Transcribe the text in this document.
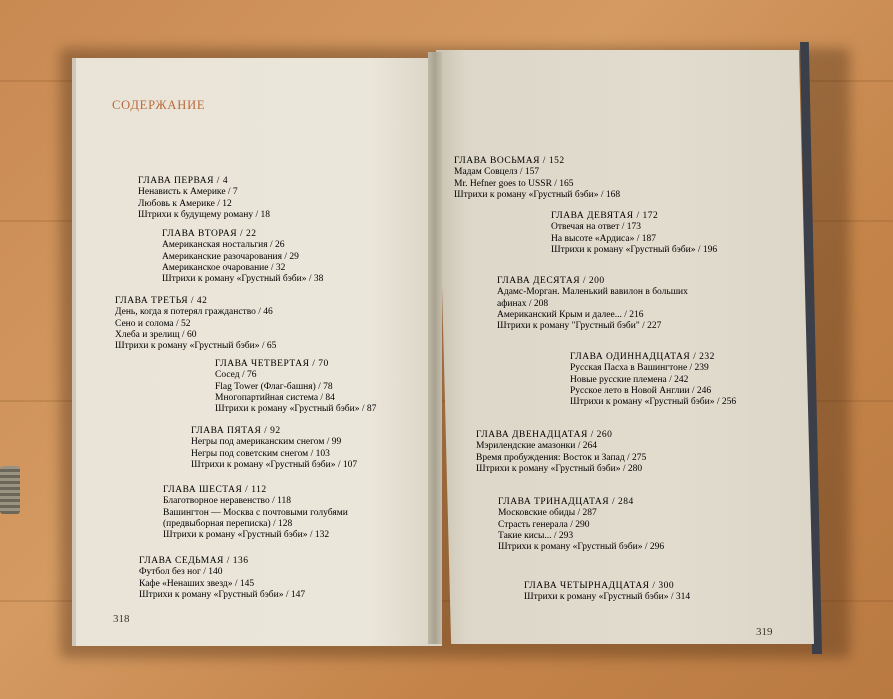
СОДЕРЖАНИЕ
ГЛАВА ПЕРВАЯ / 4
Ненависть к Америке / 7
Любовь к Америке / 12
Штрихи к будущему роману / 18
ГЛАВА ВТОРАЯ / 22
Американская ностальгия / 26
Американские разочарования / 29
Американское очарование / 32
Штрихи к роману «Грустный бэби» / 38
ГЛАВА ТРЕТЬЯ / 42
День, когда я потерял гражданство / 46
Сено и солома / 52
Хлеба и зрелищ / 60
Штрихи к роману «Грустный бэби» / 65
ГЛАВА ЧЕТВЕРТАЯ / 70
Сосед / 76
Flag Tower (Флаг-башня) / 78
Многопартийная система / 84
Штрихи к роману «Грустный бэби» / 87
ГЛАВА ПЯТАЯ / 92
Негры под американским снегом / 99
Негры под советским снегом / 103
Штрихи к роману «Грустный бэби» / 107
ГЛАВА ШЕСТАЯ / 112
Благотворное неравенство / 118
Вашингтон — Москва с почтовыми голубями
(предвыборная переписка) / 128
Штрихи к роману «Грустный бэби» / 132
ГЛАВА СЕДЬМАЯ / 136
Футбол без ног / 140
Кафе «Ненаших звезд» / 145
Штрихи к роману «Грустный бэби» / 147
318
ГЛАВА ВОСЬМАЯ / 152
Мадам Совцелз / 157
Mr. Hefner goes to USSR / 165
Штрихи к роману «Грустный бэби» / 168
ГЛАВА ДЕВЯТАЯ / 172
Отвечая на ответ / 173
На высоте «Ардиса» / 187
Штрихи к роману «Грустный бэби» / 196
ГЛАВА ДЕСЯТАЯ / 200
Адамс-Морган. Маленький вавилон в больших
афинах / 208
Американский Крым и далее... / 216
Штрихи к роману "Грустный бэби" / 227
ГЛАВА ОДИННАДЦАТАЯ / 232
Русская Пасха в Вашингтоне / 239
Новые русские племена / 242
Русское лето в Новой Англии / 246
Штрихи к роману «Грустный бэби» / 256
ГЛАВА ДВЕНАДЦАТАЯ / 260
Мэрилендские амазонки / 264
Время пробуждения: Восток и Запад / 275
Штрихи к роману «Грустный бэби» / 280
ГЛАВА ТРИНАДЦАТАЯ / 284
Московские обиды / 287
Страсть генерала / 290
Такие кисы... / 293
Штрихи к роману «Грустный бэби» / 296
ГЛАВА ЧЕТЫРНАДЦАТАЯ / 300
Штрихи к роману «Грустный бэби» / 314
319
